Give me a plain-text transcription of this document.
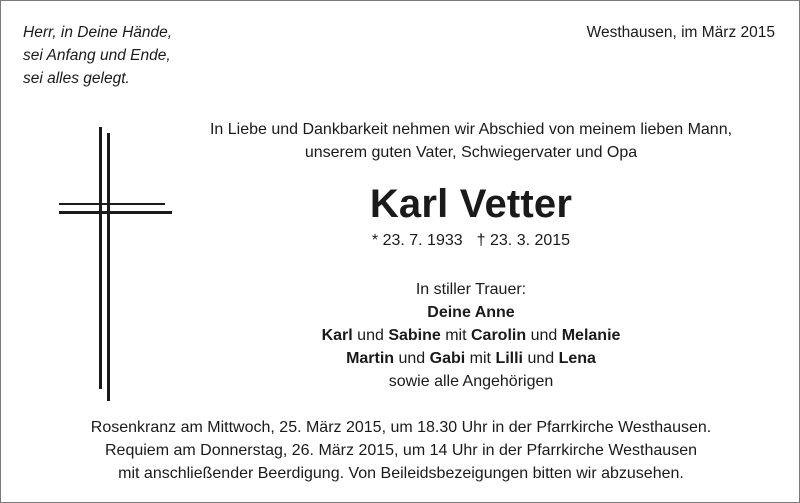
Herr, in Deine Hände,
sei Anfang und Ende,
sei alles gelegt.
Westhausen, im März 2015
In Liebe und Dankbarkeit nehmen wir Abschied von meinem lieben Mann,
unserem guten Vater, Schwiegervater und Opa
Karl Vetter
* 23. 7. 1933 † 23. 3. 2015
In stiller Trauer:
Deine Anne
Karl und Sabine mit Carolin und Melanie
Martin und Gabi mit Lilli und Lena
sowie alle Angehörigen
Rosenkranz am Mittwoch, 25. März 2015, um 18.30 Uhr in der Pfarrkirche Westhausen.
Requiem am Donnerstag, 26. März 2015, um 14 Uhr in der Pfarrkirche Westhausen
mit anschließender Beerdigung. Von Beileidsbezeigungen bitten wir abzusehen.
